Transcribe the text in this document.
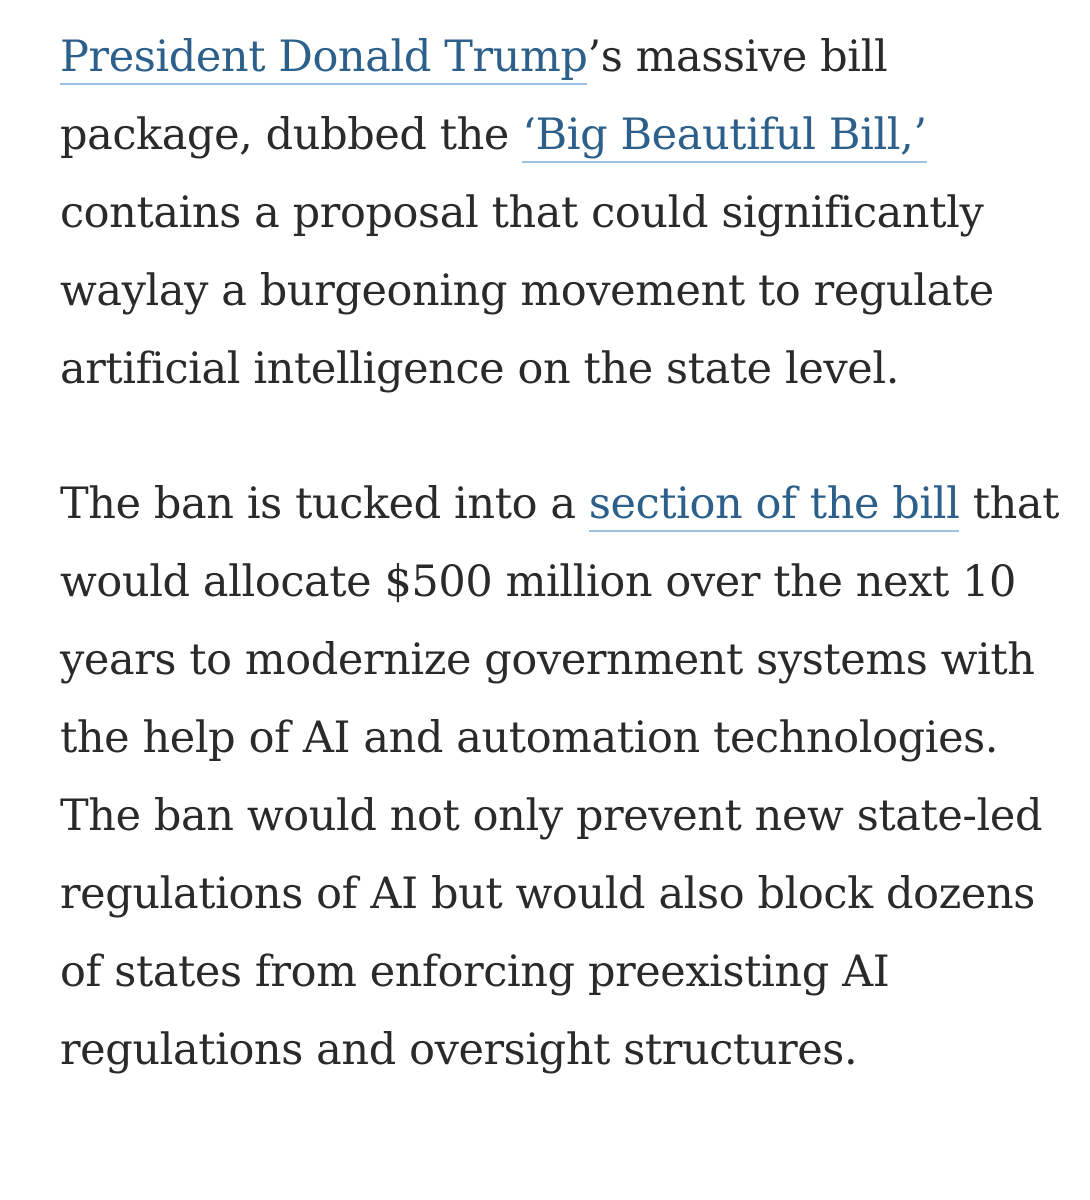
President Donald Trump’s massive bill package, dubbed the ‘Big Beautiful Bill,’ contains a proposal that could significantly waylay a burgeoning movement to regulate artificial intelligence on the state level.

The ban is tucked into a section of the bill that would allocate $500 million over the next 10 years to modernize government systems with the help of AI and automation technologies. The ban would not only prevent new state-led regulations of AI but would also block dozens of states from enforcing preexisting AI regulations and oversight structures.
